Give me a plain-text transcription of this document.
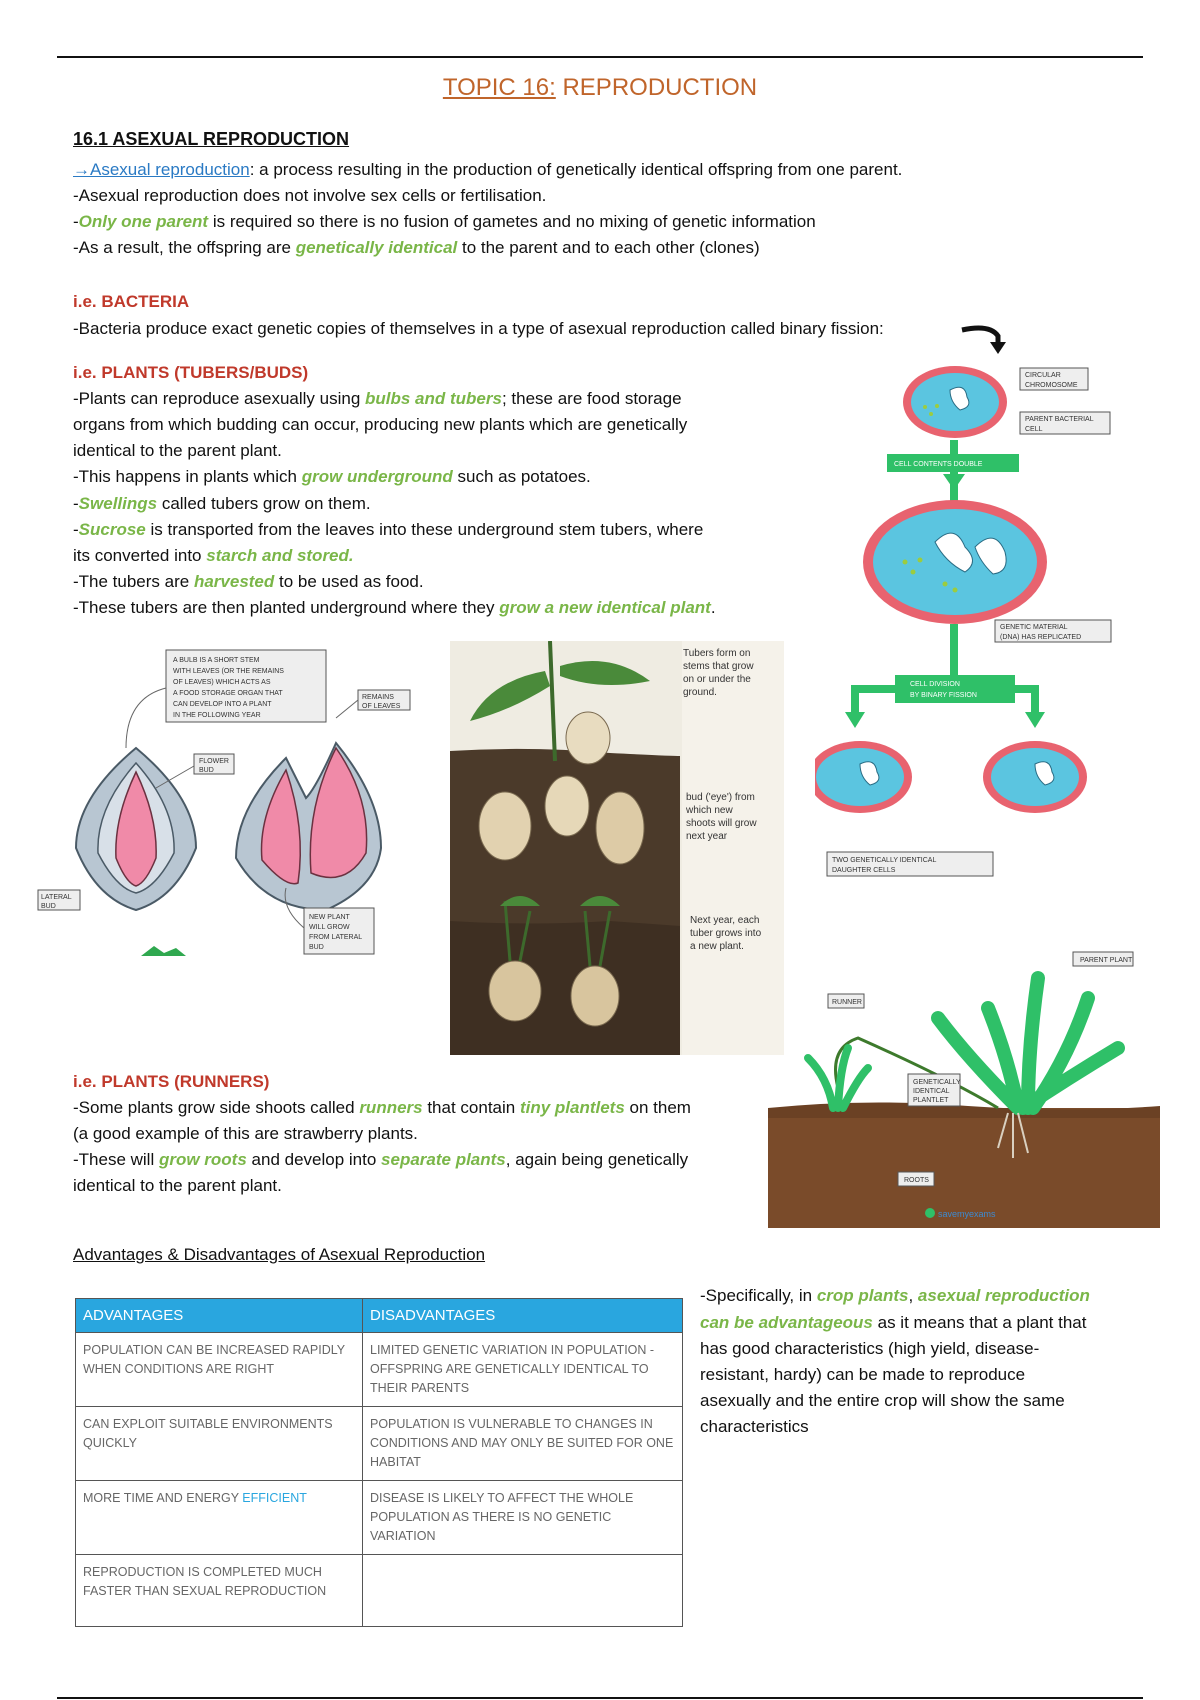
TOPIC 16: REPRODUCTION
16.1 ASEXUAL REPRODUCTION
→Asexual reproduction: a process resulting in the production of genetically identical offspring from one parent.
-Asexual reproduction does not involve sex cells or fertilisation.
-Only one parent is required so there is no fusion of gametes and no mixing of genetic information
-As a result, the offspring are genetically identical to the parent and to each other (clones)
i.e. BACTERIA
-Bacteria produce exact genetic copies of themselves in a type of asexual reproduction called binary fission:
i.e. PLANTS (TUBERS/BUDS)
-Plants can reproduce asexually using bulbs and tubers; these are food storage
organs from which budding can occur, producing new plants which are genetically
identical to the parent plant.
-This happens in plants which grow underground such as potatoes.
-Swellings called tubers grow on them.
-Sucrose is transported from the leaves into these underground stem tubers, where
its converted into starch and stored.
-The tubers are harvested to be used as food.
-These tubers are then planted underground where they grow a new identical plant.
A BULB IS A SHORT STEM
WITH LEAVES (OR THE REMAINS
OF LEAVES) WHICH ACTS AS
A FOOD STORAGE ORGAN THAT
CAN DEVELOP INTO A PLANT
IN THE FOLLOWING YEAR
FLOWER
BUD
LATERAL
BUD
REMAINS
OF LEAVES
NEW PLANT
WILL GROW
FROM LATERAL
BUD
Tubers form on
stems that grow
on or under the
ground.
bud ('eye') from
which new
shoots will grow
next year
Next year, each
tuber grows into
a new plant.
CIRCULAR
CHROMOSOME
PARENT BACTERIAL
CELL
CELL CONTENTS DOUBLE
GENETIC MATERIAL
(DNA) HAS REPLICATED
CELL DIVISION
BY BINARY FISSION
TWO GENETICALLY IDENTICAL
DAUGHTER CELLS
PARENT PLANT
RUNNER
GENETICALLY
IDENTICAL
PLANTLET
ROOTS
savemyexams
i.e. PLANTS (RUNNERS)
-Some plants grow side shoots called runners that contain tiny plantlets on them
(a good example of this are strawberry plants.
-These will grow roots and develop into separate plants, again being genetically
identical to the parent plant.
Advantages & Disadvantages of Asexual Reproduction
ADVANTAGES	DISADVANTAGES
POPULATION CAN BE INCREASED RAPIDLY WHEN CONDITIONS ARE RIGHT	LIMITED GENETIC VARIATION IN POPULATION - OFFSPRING ARE GENETICALLY IDENTICAL TO THEIR PARENTS
CAN EXPLOIT SUITABLE ENVIRONMENTS QUICKLY	POPULATION IS VULNERABLE TO CHANGES IN CONDITIONS AND MAY ONLY BE SUITED FOR ONE HABITAT
MORE TIME AND ENERGY EFFICIENT	DISEASE IS LIKELY TO AFFECT THE WHOLE POPULATION AS THERE IS NO GENETIC VARIATION
REPRODUCTION IS COMPLETED MUCH FASTER THAN SEXUAL REPRODUCTION	
-Specifically, in crop plants, asexual reproduction
can be advantageous as it means that a plant that
has good characteristics (high yield, disease-
resistant, hardy) can be made to reproduce
asexually and the entire crop will show the same
characteristics
